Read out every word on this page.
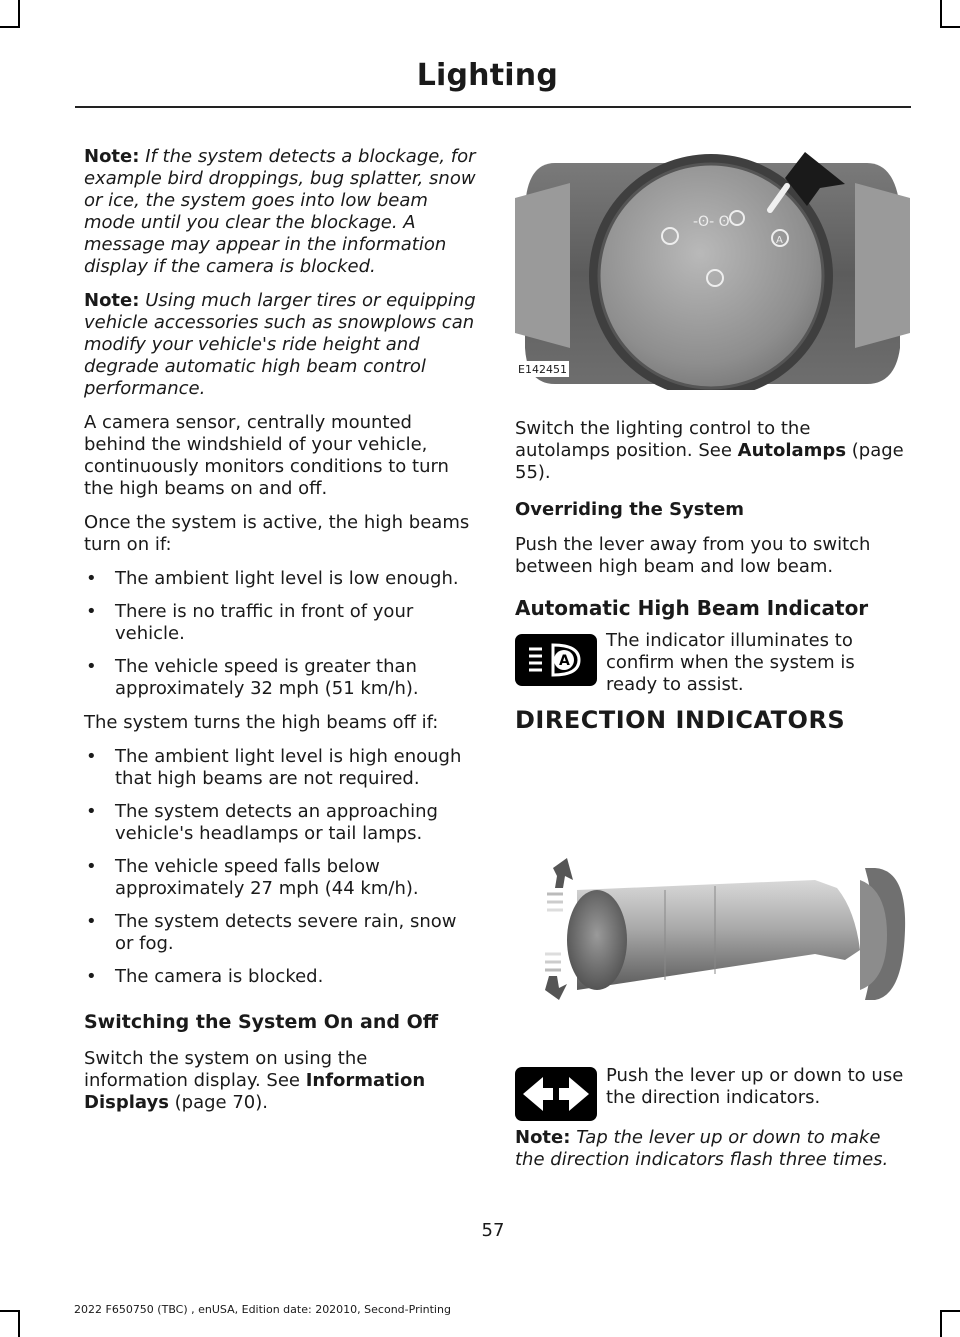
Lighting

Note: If the system detects a blockage, for example bird droppings, bug splatter, snow or ice, the system goes into low beam mode until you clear the blockage. A message may appear in the information display if the camera is blocked.

Note: Using much larger tires or equipping vehicle accessories such as snowplows can modify your vehicle's ride height and degrade automatic high beam control performance.

A camera sensor, centrally mounted behind the windshield of your vehicle, continuously monitors conditions to turn the high beams on and off.

Once the system is active, the high beams turn on if:

• The ambient light level is low enough.
• There is no traffic in front of your vehicle.
• The vehicle speed is greater than approximately 32 mph (51 km/h).

The system turns the high beams off if:

• The ambient light level is high enough that high beams are not required.
• The system detects an approaching vehicle's headlamps or tail lamps.
• The vehicle speed falls below approximately 27 mph (44 km/h).
• The system detects severe rain, snow or fog.
• The camera is blocked.
Switching the System On and Off

Switch the system on using the information display. See Information Displays (page 70).

-ʘ- ʘ
A
E142451

Switch the lighting control to the autolamps position. See Autolamps (page 55).

Overriding the System

Push the lever away from you to switch between high beam and low beam.

Automatic High Beam Indicator
A
The indicator illuminates to confirm when the system is ready to assist.
DIRECTION INDICATORS
Push the lever up or down to use the direction indicators.

Note: Tap the lever up or down to make the direction indicators flash three times.

57
2022 F650750 (TBC) , enUSA, Edition date: 202010, Second-Printing
